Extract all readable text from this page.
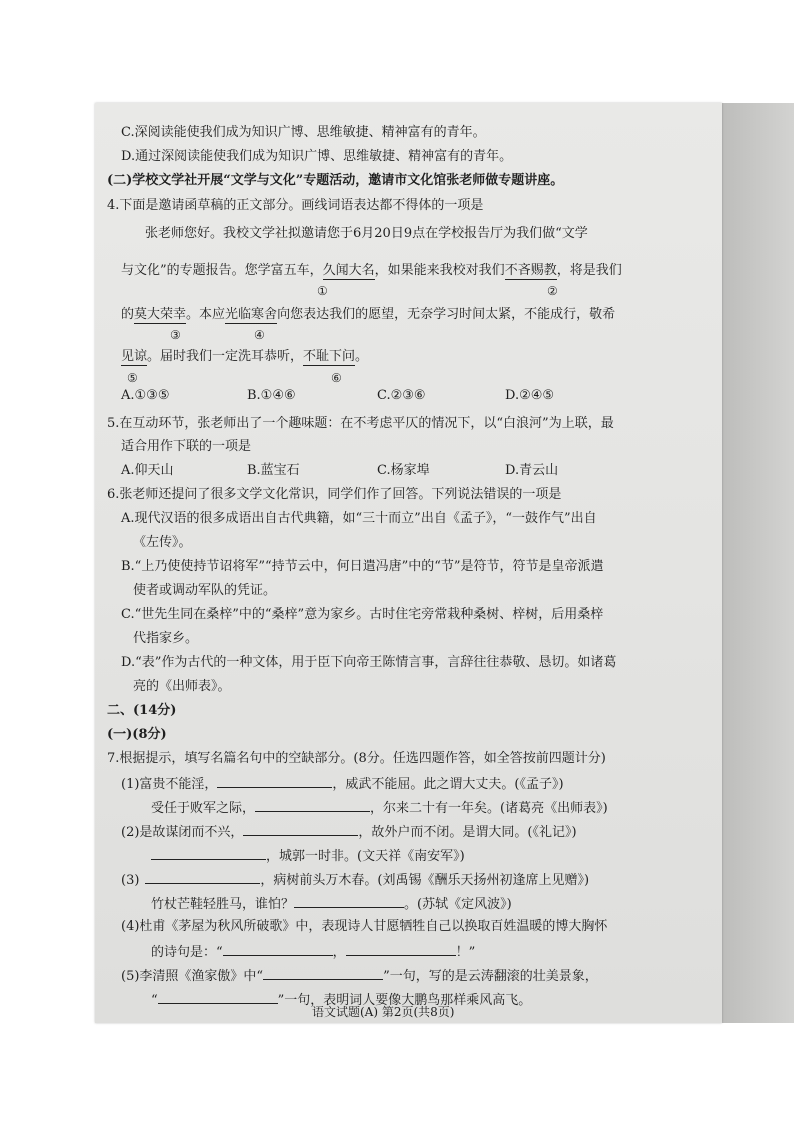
C.深阅读能使我们成为知识广博、思维敏捷、精神富有的青年。
D.通过深阅读能使我们成为知识广博、思维敏捷、精神富有的青年。
(二)学校文学社开展“文学与文化”专题活动，邀请市文化馆张老师做专题讲座。
4.下面是邀请函草稿的正文部分。画线词语表达都不得体的一项是
张老师您好。我校文学社拟邀请您于6月20日9点在学校报告厅为我们做“文学
与文化”的专题报告。您学富五车，久闻大名，如果能来我校对我们不吝赐教，将是我们
①	②
的莫大荣幸。本应光临寒舍向您表达我们的愿望，无奈学习时间太紧，不能成行，敬希
③	④
见谅。届时我们一定洗耳恭听，不耻下问。
⑤	⑥
A.①③⑤	B.①④⑥	C.②③⑥	D.②④⑤
5.在互动环节，张老师出了一个趣味题：在不考虑平仄的情况下，以“白浪河”为上联，最
适合用作下联的一项是
A.仰天山	B.蓝宝石	C.杨家埠	D.青云山
6.张老师还提问了很多文学文化常识，同学们作了回答。下列说法错误的一项是
A.现代汉语的很多成语出自古代典籍，如“三十而立”出自《孟子》，“一鼓作气”出自
《左传》。
B.“上乃使使持节诏将军”“持节云中，何日遣冯唐”中的“节”是符节，符节是皇帝派遣
使者或调动军队的凭证。
C.“世先生同在桑梓”中的“桑梓”意为家乡。古时住宅旁常栽种桑树、梓树，后用桑梓
代指家乡。
D.“表”作为古代的一种文体，用于臣下向帝王陈情言事，言辞往往恭敬、恳切。如诸葛
亮的《出师表》。
二、(14分)
(一)(8分)
7.根据提示，填写名篇名句中的空缺部分。(8分。任选四题作答，如全答按前四题计分)
(1)富贵不能淫，	，威武不能屈。此之谓大丈夫。(《孟子》)
受任于败军之际，	，尔来二十有一年矣。(诸葛亮《出师表》)
(2)是故谋闭而不兴，	，故外户而不闭。是谓大同。(《礼记》)
，城郭一时非。(文天祥《南安军》)
(3)	，病树前头万木春。(刘禹锡《酬乐天扬州初逢席上见赠》)
竹杖芒鞋轻胜马，谁怕？	。(苏轼《定风波》)
(4)杜甫《茅屋为秋风所破歌》中，表现诗人甘愿牺牲自己以换取百姓温暖的博大胸怀
的诗句是：“	，	！”
(5)李清照《渔家傲》中“	”一句，写的是云涛翻滚的壮美景象，
“	”一句，表明词人要像大鹏鸟那样乘风高飞。
语文试题(A) 第2页(共8页)
